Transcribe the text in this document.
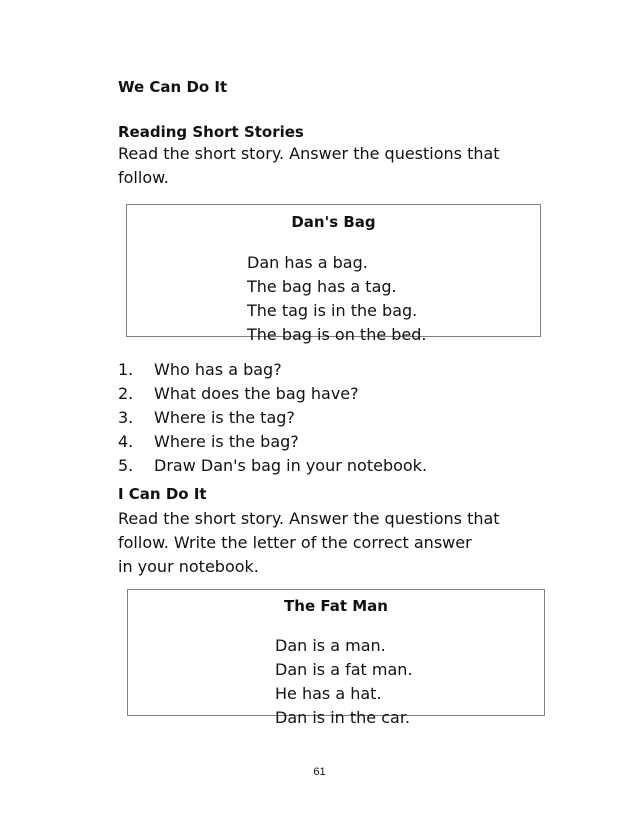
We Can Do It
Reading Short Stories
Read the short story. Answer the questions that
follow.
Dan's Bag
Dan has a bag.
The bag has a tag.
The tag is in the bag.
The bag is on the bed.
1. Who has a bag?
2. What does the bag have?
3. Where is the tag?
4. Where is the bag?
5. Draw Dan's bag in your notebook.
I Can Do It
Read the short story. Answer the questions that
follow. Write the letter of the correct answer
in your notebook.
The Fat Man
Dan is a man.
Dan is a fat man.
He has a hat.
Dan is in the car.
61
